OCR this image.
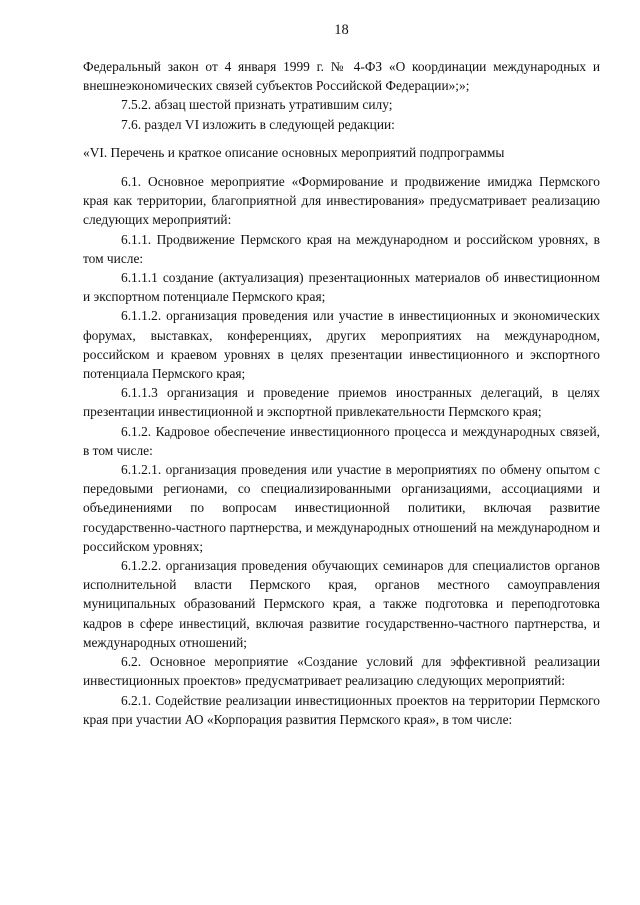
18

Федеральный закон от 4 января 1999 г. № 4-ФЗ «О координации международных и внешнеэкономических связей субъектов Российской Федерации»;»;

7.5.2. абзац шестой признать утратившим силу;

7.6. раздел VI изложить в следующей редакции:

«VI. Перечень и краткое описание основных мероприятий подпрограммы

6.1. Основное мероприятие «Формирование и продвижение имиджа Пермского края как территории, благоприятной для инвестирования» предусматривает реализацию следующих мероприятий:

6.1.1. Продвижение Пермского края на международном и российском уровнях, в том числе:

6.1.1.1 создание (актуализация) презентационных материалов об инвестиционном и экспортном потенциале Пермского края;

6.1.1.2. организация проведения или участие в инвестиционных и экономических форумах, выставках, конференциях, других мероприятиях на международном, российском и краевом уровнях в целях презентации инвестиционного и экспортного потенциала Пермского края;

6.1.1.3 организация и проведение приемов иностранных делегаций, в целях презентации инвестиционной и экспортной привлекательности Пермского края;

6.1.2. Кадровое обеспечение инвестиционного процесса и международных связей, в том числе:

6.1.2.1. организация проведения или участие в мероприятиях по обмену опытом с передовыми регионами, со специализированными организациями, ассоциациями и объединениями по вопросам инвестиционной политики, включая развитие государственно-частного партнерства, и международных отношений на международном и российском уровнях;

6.1.2.2. организация проведения обучающих семинаров для специалистов органов исполнительной власти Пермского края, органов местного самоуправления муниципальных образований Пермского края, а также подготовка и переподготовка кадров в сфере инвестиций, включая развитие государственно-частного партнерства, и международных отношений;

6.2. Основное мероприятие «Создание условий для эффективной реализации инвестиционных проектов» предусматривает реализацию следующих мероприятий:

6.2.1. Содействие реализации инвестиционных проектов на территории Пермского края при участии АО «Корпорация развития Пермского края», в том числе:
